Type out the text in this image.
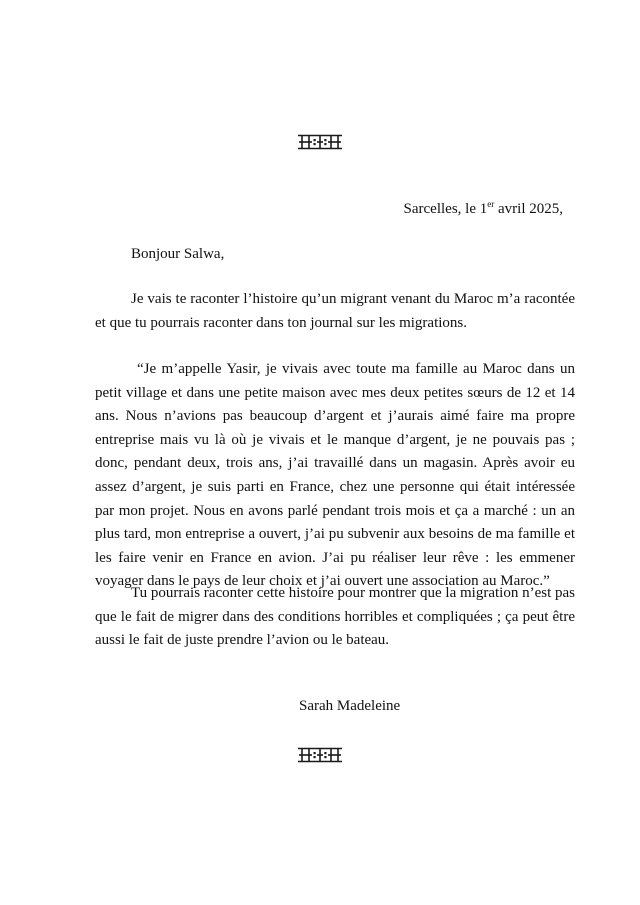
Sarcelles, le 1er avril 2025,
Bonjour Salwa,

Je vais te raconter l’histoire qu’un migrant venant du Maroc m’a racontée et que tu pourrais raconter dans ton journal sur les migrations.

“Je m’appelle Yasir, je vivais avec toute ma famille au Maroc dans un petit village et dans une petite maison avec mes deux petites sœurs de 12 et 14 ans. Nous n’avions pas beaucoup d’argent et j’aurais aimé faire ma propre entreprise mais vu là où je vivais et le manque d’argent, je ne pouvais pas ; donc, pendant deux, trois ans, j’ai travaillé dans un magasin. Après avoir eu assez d’argent, je suis parti en France, chez une personne qui était intéressée par mon projet. Nous en avons parlé pendant trois mois et ça a marché : un an plus tard, mon entreprise a ouvert, j’ai pu subvenir aux besoins de ma famille et les faire venir en France en avion. J’ai pu réaliser leur rêve : les emmener voyager dans le pays de leur choix et j’ai ouvert une association au Maroc.”

Tu pourrais raconter cette histoire pour montrer que la migration n’est pas que le fait de migrer dans des conditions horribles et compliquées ; ça peut être aussi le fait de juste prendre l’avion ou le bateau.

Sarah Madeleine
